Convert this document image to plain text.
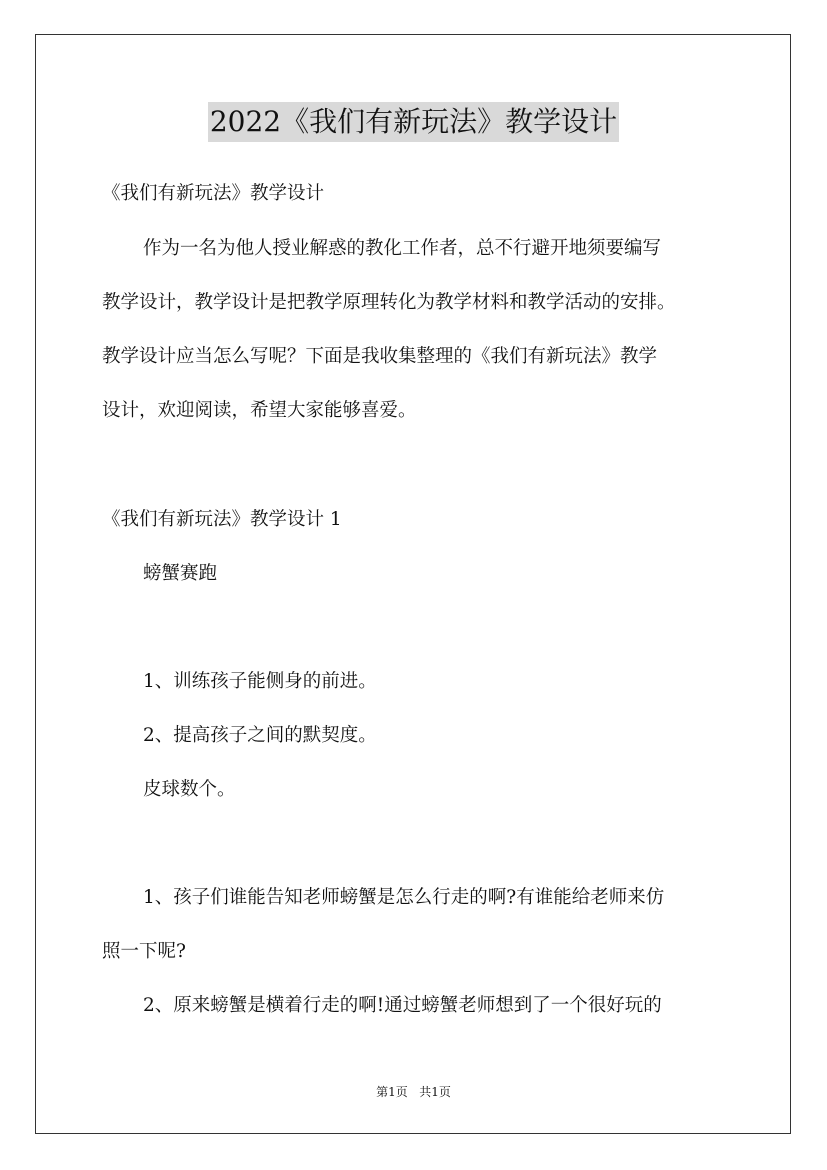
2022《我们有新玩法》教学设计
《我们有新玩法》教学设计
作为一名为他人授业解惑的教化工作者，总不行避开地须要编写
教学设计，教学设计是把教学原理转化为教学材料和教学活动的安排。
教学设计应当怎么写呢？下面是我收集整理的《我们有新玩法》教学
设计，欢迎阅读，希望大家能够喜爱。
《我们有新玩法》教学设计 1
螃蟹赛跑
1、训练孩子能侧身的前进。
2、提高孩子之间的默契度。
皮球数个。
1、孩子们谁能告知老师螃蟹是怎么行走的啊?有谁能给老师来仿
照一下呢?
2、原来螃蟹是横着行走的啊!通过螃蟹老师想到了一个很好玩的
第1页   共1页
